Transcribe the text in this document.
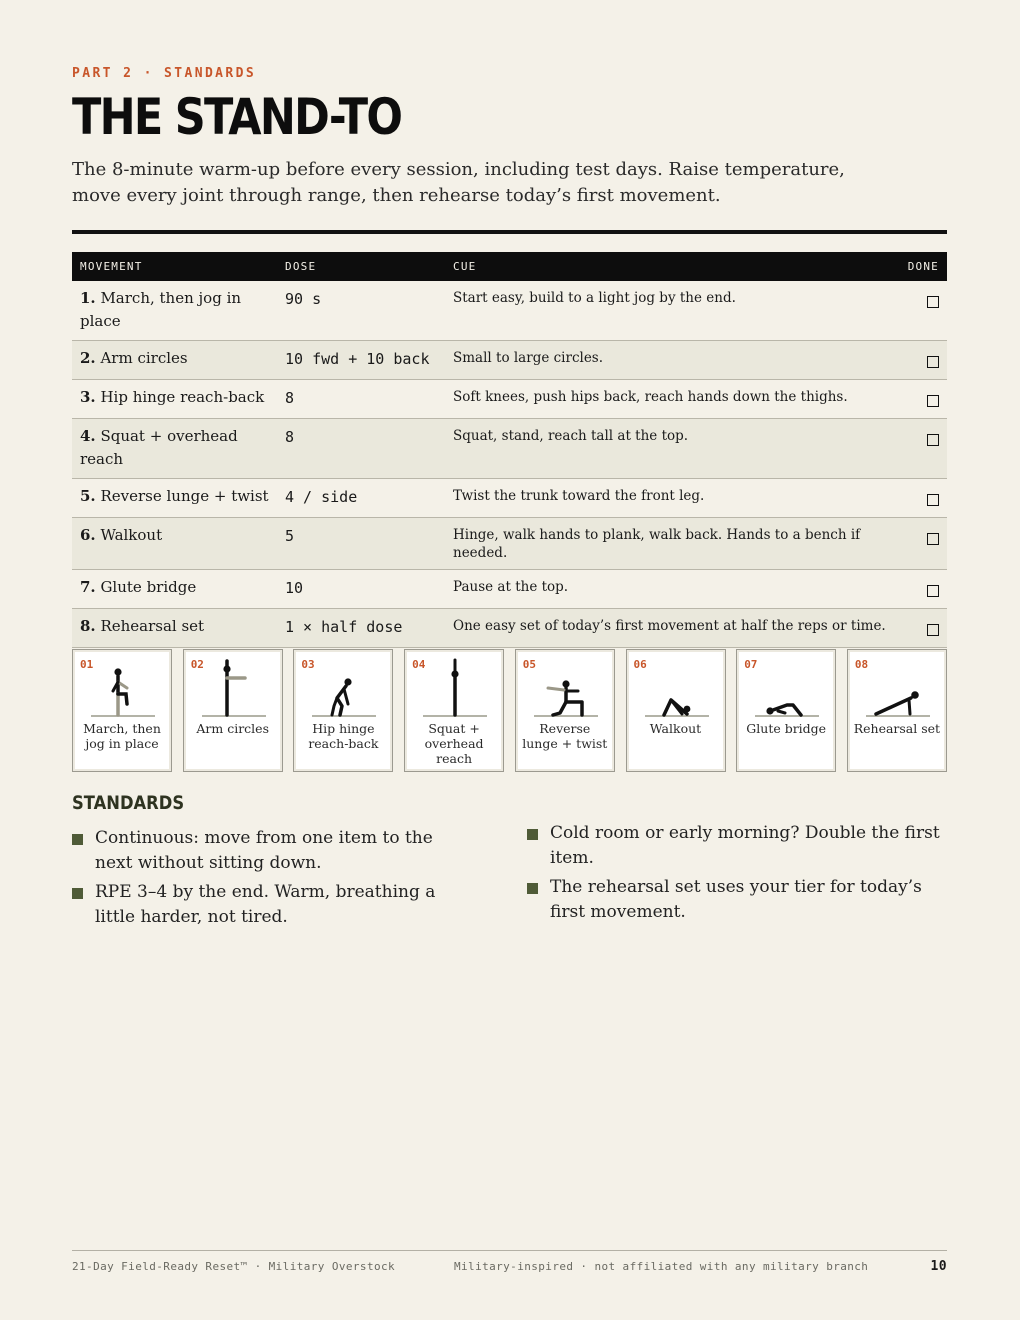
PART 2 · STANDARDS
THE STAND-TO

The 8-minute warm-up before every session, including test days. Raise temperature, move every joint through range, then rehearse today’s first movement.

MOVEMENT	DOSE	CUE	DONE
1. March, then jog in place	90 s	Start easy, build to a light jog by the end.	
2. Arm circles	10 fwd + 10 back	Small to large circles.	
3. Hip hinge reach-back	8	Soft knees, push hips back, reach hands down the thighs.	
4. Squat + overhead reach	8	Squat, stand, reach tall at the top.	
5. Reverse lunge + twist	4 / side	Twist the trunk toward the front leg.	
6. Walkout	5	Hinge, walk hands to plank, walk back. Hands to a bench if needed.	
7. Glute bridge	10	Pause at the top.	
8. Rehearsal set	1 × half dose	One easy set of today’s first movement at half the reps or time.	
01
March, then jog in place
02
Arm circles
03
Hip hinge reach-back
04
Squat + overhead reach
05
Reverse lunge + twist
06
Walkout
07
Glute bridge
08
Rehearsal set
STANDARDS
Continuous: move from one item to the next without sitting down.
RPE 3–4 by the end. Warm, breathing a little harder, not tired.
Cold room or early morning? Double the first item.
The rehearsal set uses your tier for today’s first movement.
21-Day Field-Ready Reset™ · Military Overstock	Military-inspired · not affiliated with any military branch	10
